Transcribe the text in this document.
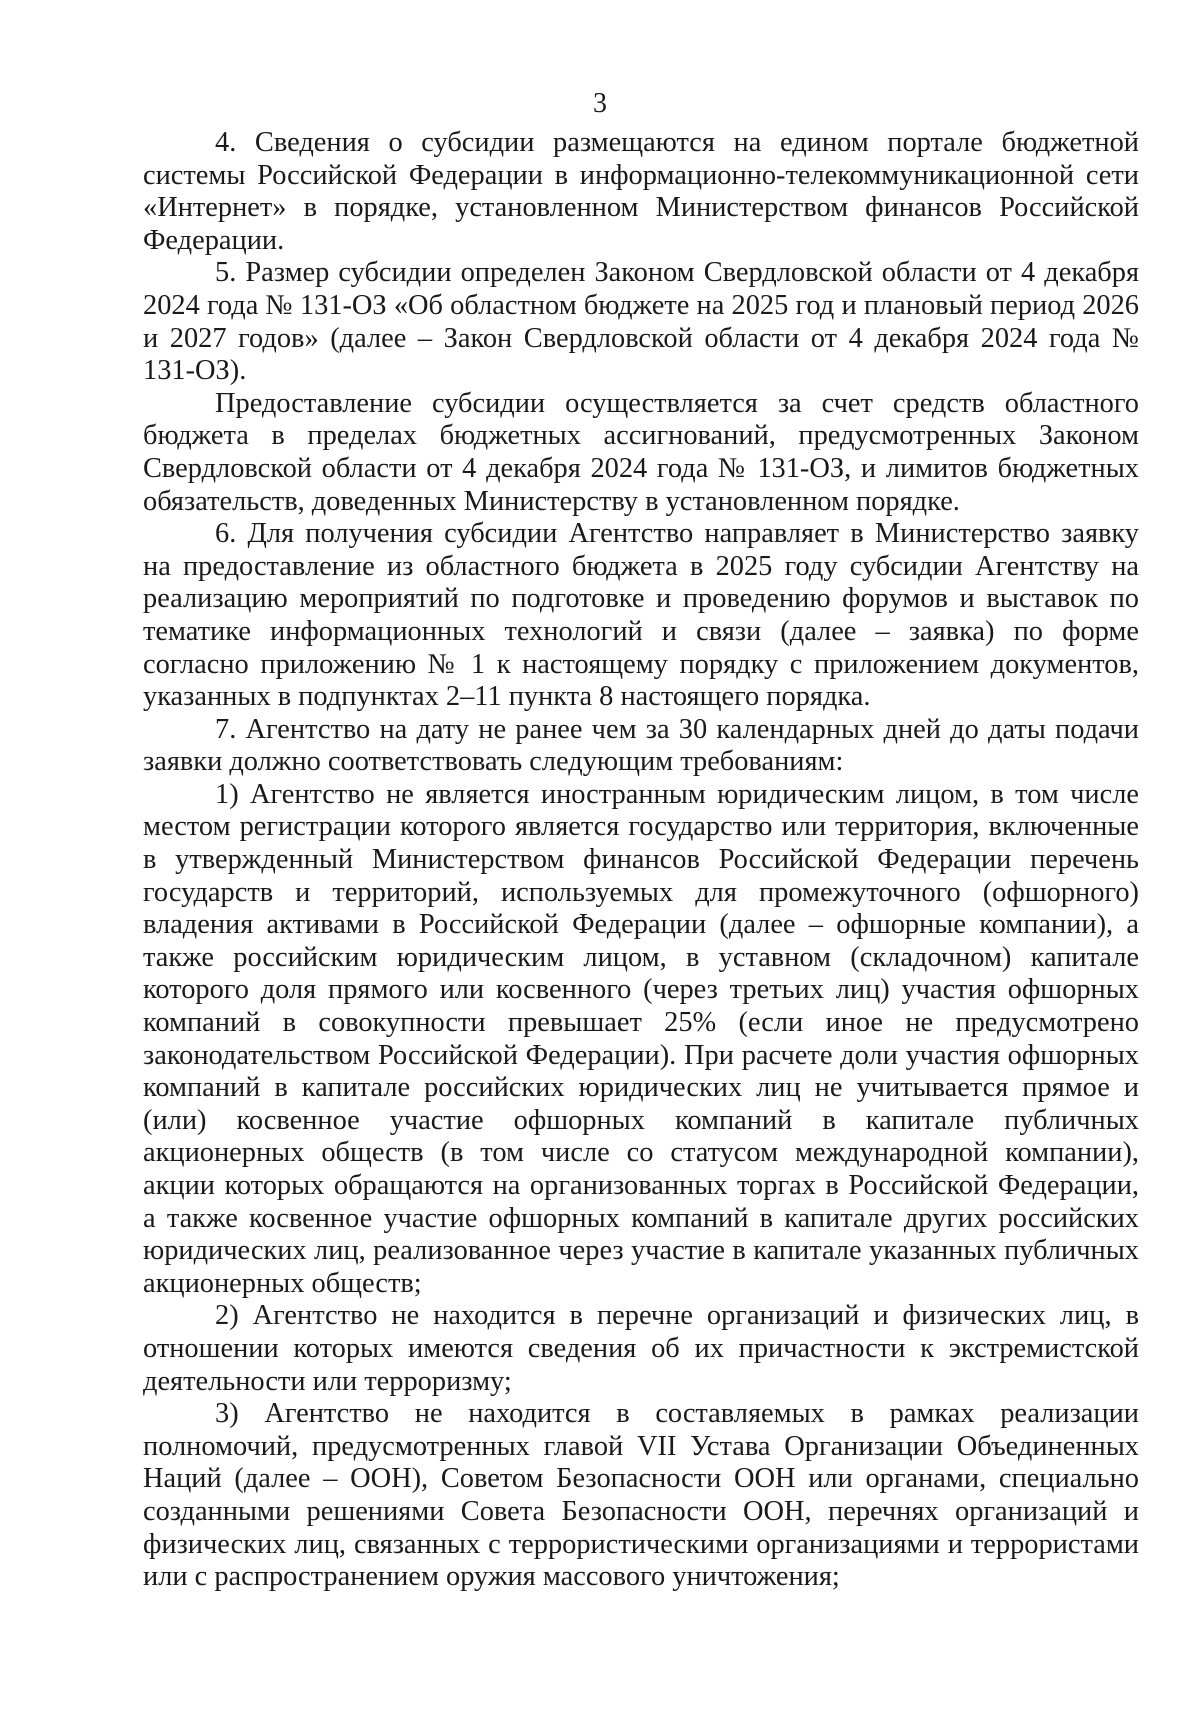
3

4. Сведения о субсидии размещаются на едином портале бюджетной системы Российской Федерации в информационно-телекоммуникационной сети «Интернет» в порядке, установленном Министерством финансов Российской Федерации.

5. Размер субсидии определен Законом Свердловской области от 4 декабря 2024 года № 131-ОЗ «Об областном бюджете на 2025 год и плановый период 2026 и 2027 годов» (далее – Закон Свердловской области от 4 декабря 2024 года № 131-ОЗ).

Предоставление субсидии осуществляется за счет средств областного бюджета в пределах бюджетных ассигнований, предусмотренных Законом Свердловской области от 4 декабря 2024 года № 131-ОЗ, и лимитов бюджетных обязательств, доведенных Министерству в установленном порядке.

6. Для получения субсидии Агентство направляет в Министерство заявку на предоставление из областного бюджета в 2025 году субсидии Агентству на реализацию мероприятий по подготовке и проведению форумов и выставок по тематике информационных технологий и связи (далее – заявка) по форме согласно приложению № 1 к настоящему порядку с приложением документов, указанных в подпунктах 2–11 пункта 8 настоящего порядка.

7. Агентство на дату не ранее чем за 30 календарных дней до даты подачи заявки должно соответствовать следующим требованиям:

1) Агентство не является иностранным юридическим лицом, в том числе местом регистрации которого является государство или территория, включенные в утвержденный Министерством финансов Российской Федерации перечень государств и территорий, используемых для промежуточного (офшорного) владения активами в Российской Федерации (далее – офшорные компании), а также российским юридическим лицом, в уставном (складочном) капитале которого доля прямого или косвенного (через третьих лиц) участия офшорных компаний в совокупности превышает 25% (если иное не предусмотрено законодательством Российской Федерации). При расчете доли участия офшорных компаний в капитале российских юридических лиц не учитывается прямое и (или) косвенное участие офшорных компаний в капитале публичных акционерных обществ (в том числе со статусом международной компании), акции которых обращаются на организованных торгах в Российской Федерации, а также косвенное участие офшорных компаний в капитале других российских юридических лиц, реализованное через участие в капитале указанных публичных акционерных обществ;

2) Агентство не находится в перечне организаций и физических лиц, в отношении которых имеются сведения об их причастности к экстремистской деятельности или терроризму;

3) Агентство не находится в составляемых в рамках реализации полномочий, предусмотренных главой VII Устава Организации Объединенных Наций (далее – ООН), Советом Безопасности ООН или органами, специально созданными решениями Совета Безопасности ООН, перечнях организаций и физических лиц, связанных с террористическими организациями и террористами или с распространением оружия массового уничтожения;
